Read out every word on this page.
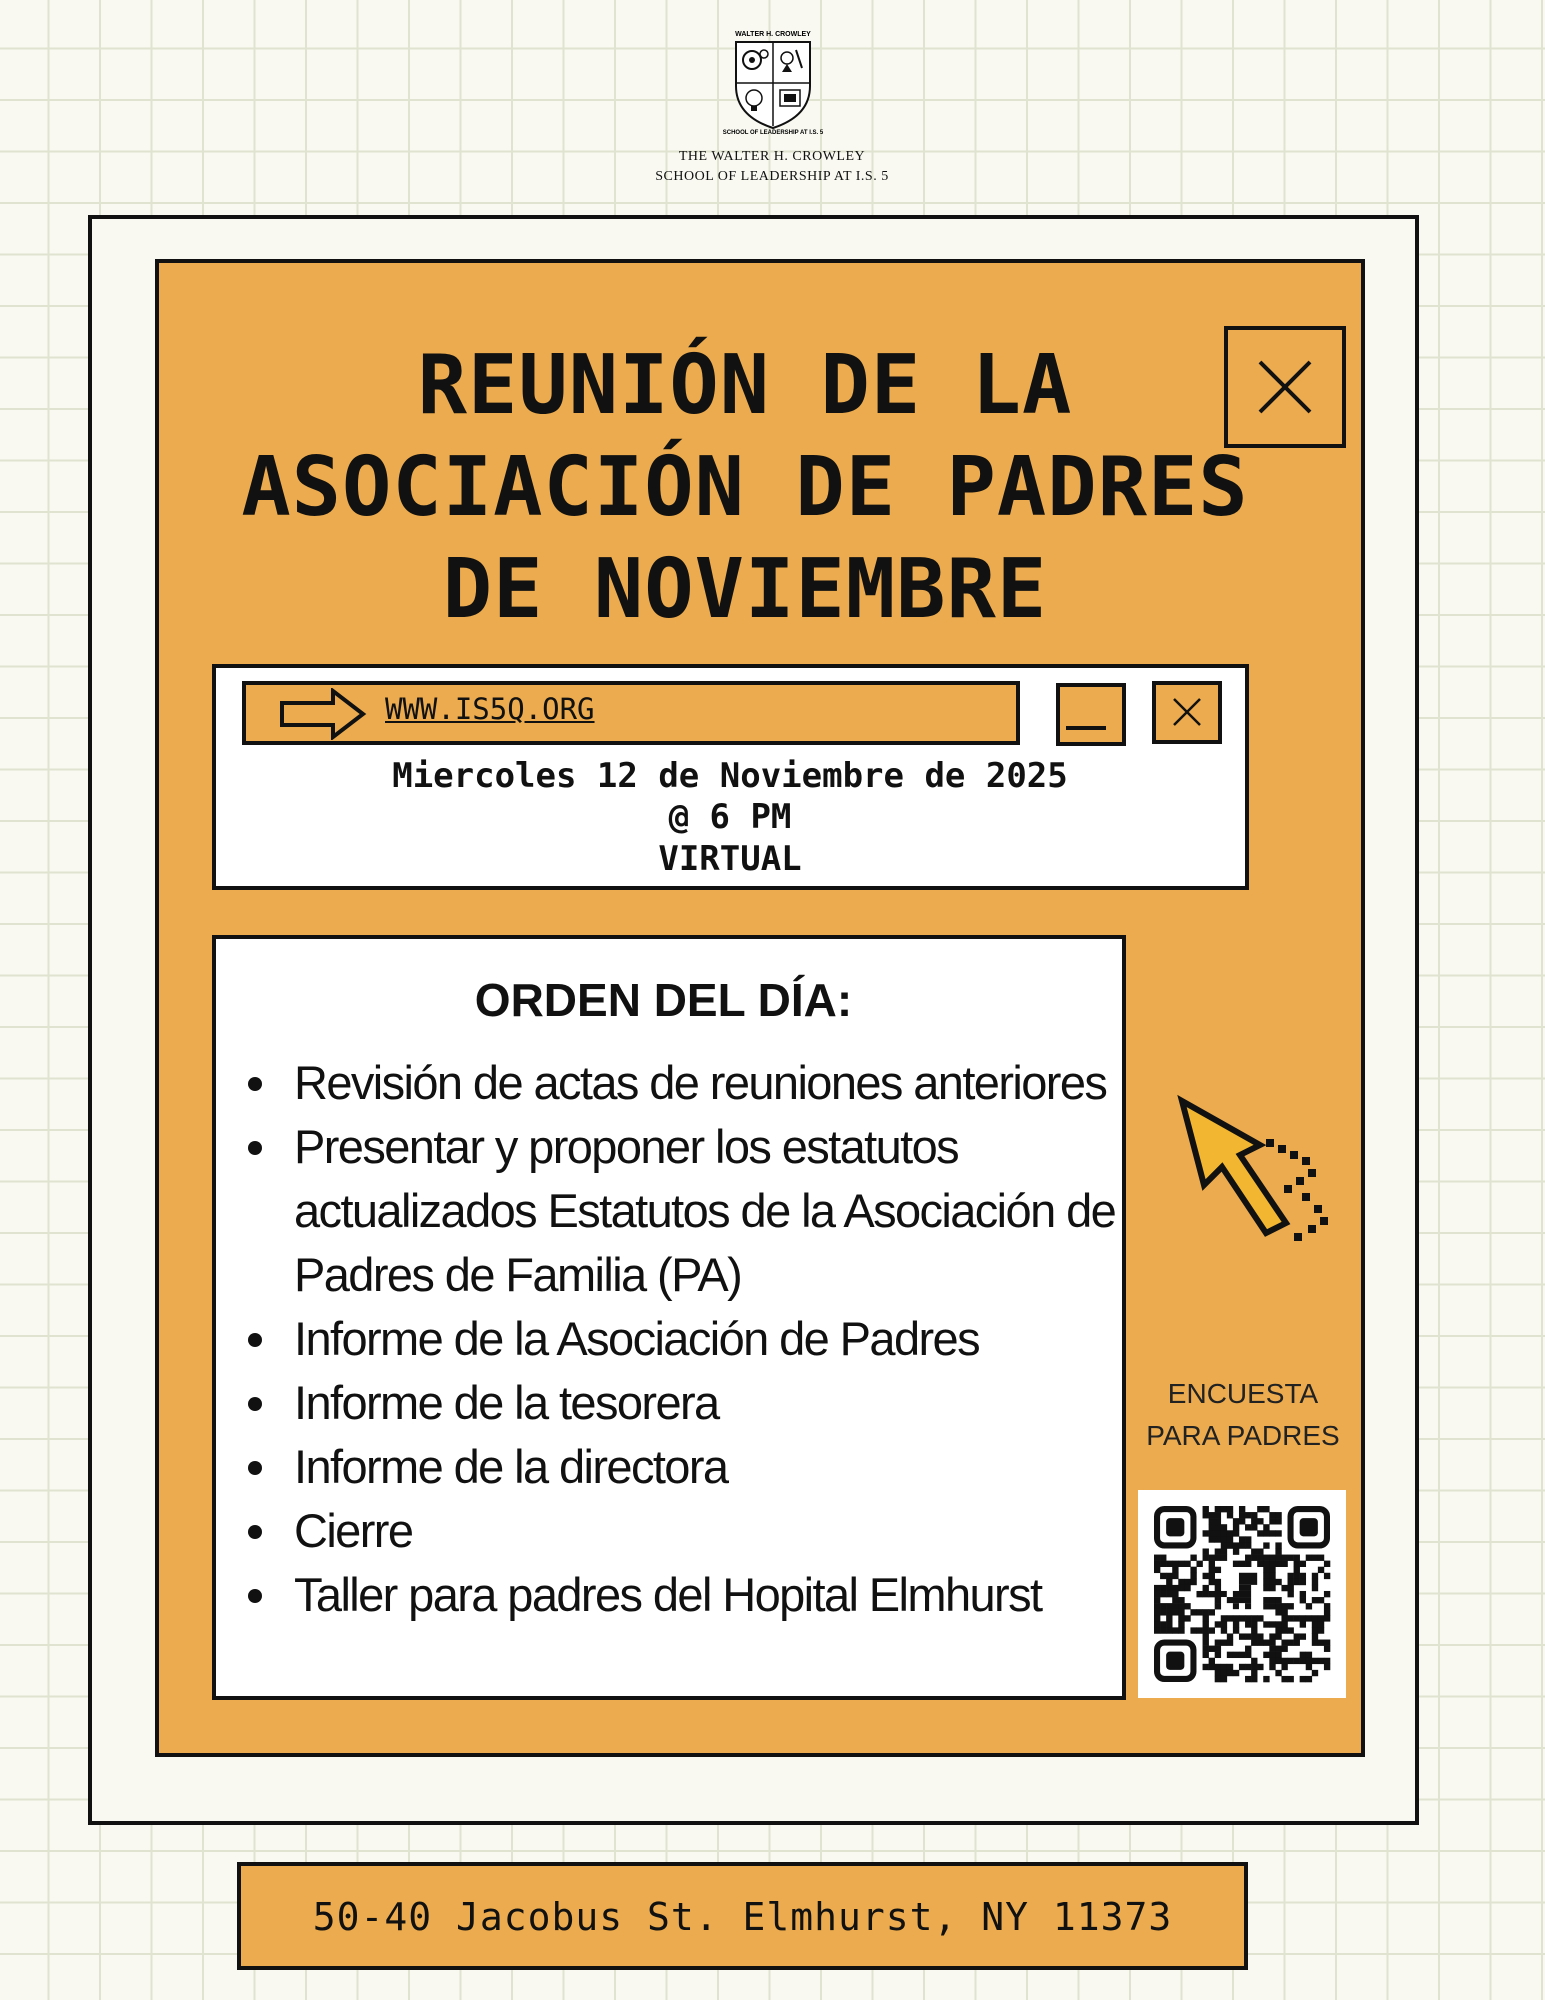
WALTER H. CROWLEY
SCHOOL OF LEADERSHIP AT I.S. 5
THE WALTER H. CROWLEY
SCHOOL OF LEADERSHIP AT I.S. 5
REUNIÓN DE LA
ASOCIACIÓN DE PADRES
DE NOVIEMBRE
WWW.IS5Q.ORG
Miercoles 12 de Noviembre de 2025
@ 6 PM
VIRTUAL
ORDEN DEL DÍA:
Revisión de actas de reuniones anteriores
Presentar y proponer los estatutos actualizados Estatutos de la Asociación de Padres de Familia (PA)
Informe de la Asociación de Padres
Informe de la tesorera
Informe de la directora
Cierre
Taller para padres del Hopital Elmhurst
ENCUESTA
PARA PADRES
50-40 Jacobus St. Elmhurst, NY 11373
